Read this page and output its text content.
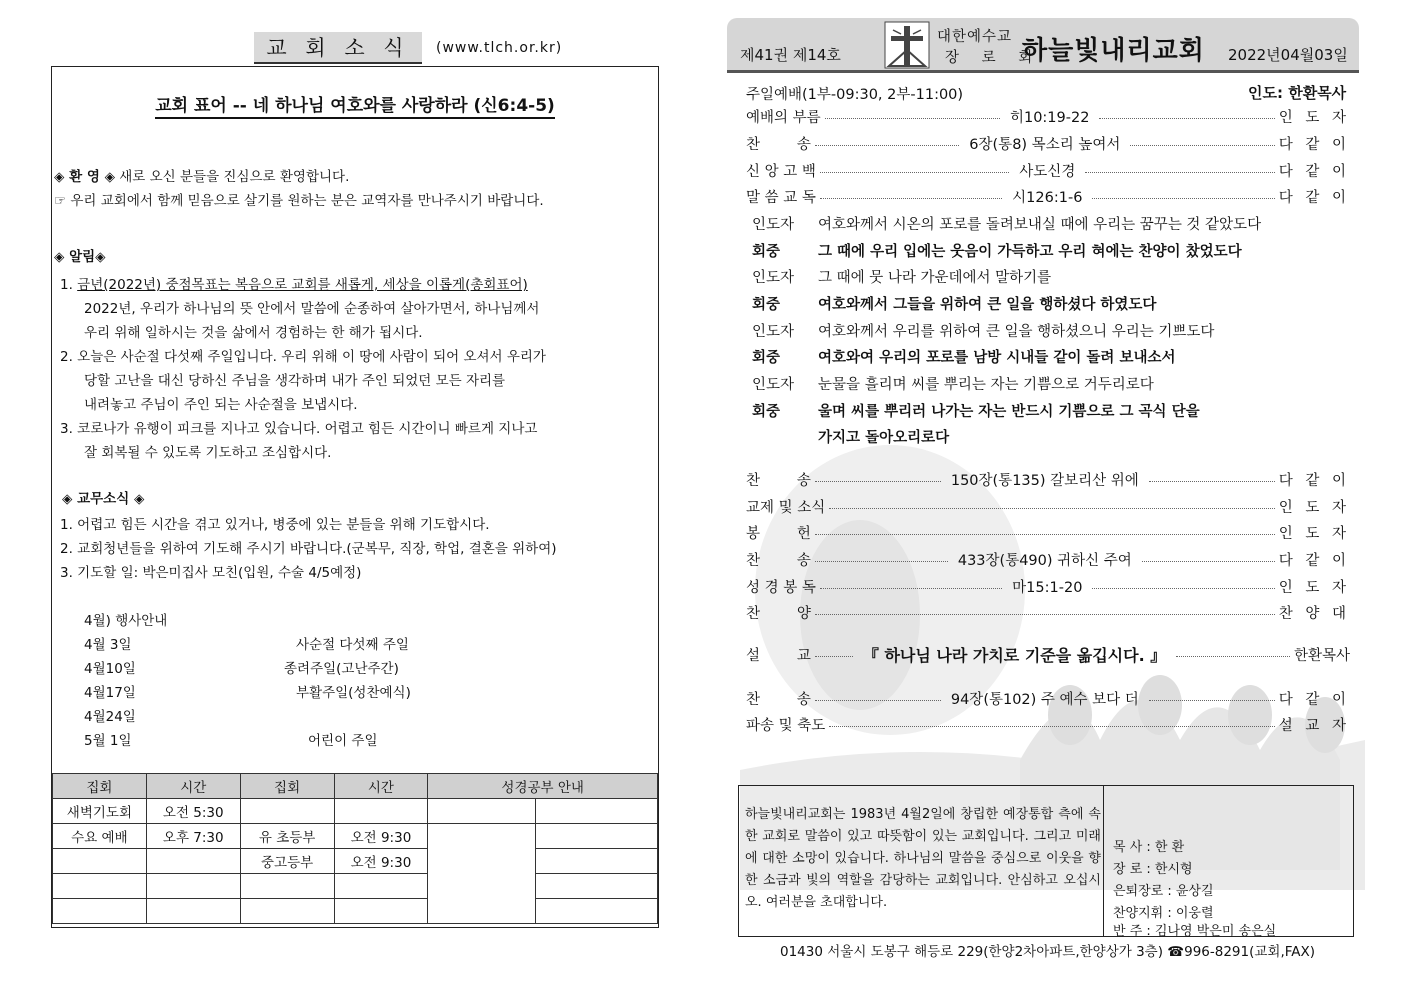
교 회 소 식	(www.tlch.or.kr)
교회 표어 -- 네 하나님 여호와를 사랑하라 (신6:4-5)
◈ 환 영 ◈ 새로 오신 분들을 진심으로 환영합니다.
☞ 우리 교회에서 함께 믿음으로 살기를 원하는 분은 교역자를 만나주시기 바랍니다.
◈ 알림◈
1. 금년(2022년) 중점목표는 복음으로 교회를 새롭게, 세상을 이롭게(총회표어)
2022년, 우리가 하나님의 뜻 안에서 말씀에 순종하여 살아가면서, 하나님께서
우리 위해 일하시는 것을 삶에서 경험하는 한 해가 됩시다.
2. 오늘은 사순절 다섯째 주일입니다. 우리 위해 이 땅에 사람이 되어 오셔서 우리가
당할 고난을 대신 당하신 주님을 생각하며 내가 주인 되었던 모든 자리를
내려놓고 주님이 주인 되는 사순절을 보냅시다.
3. 코로나가 유행이 피크를 지나고 있습니다. 어렵고 힘든 시간이니 빠르게 지나고
잘 회복될 수 있도록 기도하고 조심합시다.
◈ 교무소식 ◈
1. 어렵고 힘든 시간을 겪고 있거나, 병중에 있는 분들을 위해 기도합시다.
2. 교회청년들을 위하여 기도해 주시기 바랍니다.(군복무, 직장, 학업, 결혼을 위하여)
3. 기도할 일: 박은미집사 모친(입원, 수술 4/5예정)
4월) 행사안내
4월 3일	사순절 다섯째 주일
4월10일	종려주일(고난주간)
4월17일	부활주일(성찬예식)
4월24일
5월 1일	어린이 주일
집회	시간	집회	시간	성경공부 안내	
새벽기도회	오전 5:30				
수요 예배	오후 7:30	유 초등부	오전 9:30		
		중고등부	오전 9:30		

제41권 제14호
대한예수교
장 로 회
하늘빛내리교회 2022년04월03일
주일예배(1부-09:30, 2부-11:00)	인도: 한환목사
예배의 부름	히10:19-22	인 도 자
찬        송	6장(통8) 목소리 높여서	다 같 이
신 앙 고 백	사도신경	다 같 이
말 씀 교 독	시126:1-6	다 같 이
인도자 여호와께서 시온의 포로를 돌려보내실 때에 우리는 꿈꾸는 것 같았도다
회중	그 때에 우리 입에는 웃음이 가득하고 우리 혀에는 찬양이 찼었도다
인도자 그 때에 뭇 나라 가운데에서 말하기를
회중	여호와께서 그들을 위하여 큰 일을 행하셨다 하였도다
인도자 여호와께서 우리를 위하여 큰 일을 행하셨으니 우리는 기쁘도다
회중	여호와여 우리의 포로를 남방 시내들 같이 돌려 보내소서
인도자 눈물을 흘리며 씨를 뿌리는 자는 기쁨으로 거두리로다
회중	울며 씨를 뿌리러 나가는 자는 반드시 기쁨으로 그 곡식 단을
가지고 돌아오리로다
찬        송	150장(통135) 갈보리산 위에	다 같 이
교제 및 소식	인 도 자
봉        헌	인 도 자
찬        송	433장(통490) 귀하신 주여	다 같 이
성 경 봉 독	마15:1-20	인 도 자
찬        양	찬 양 대
설        교	『 하나님 나라 가치로 기준을 옮깁시다. 』	한환목사
찬        송	94장(통102) 주 예수 보다 더	다 같 이
파송 및 축도	설 교 자
하늘빛내리교회는 1983년 4월2일에 창립한 예장통합 측에 속한 교회로 말씀이 있고 따뜻함이 있는 교회입니다. 그리고 미래에 대한 소망이 있습니다. 하나님의 말씀을 중심으로 이웃을 향한 소금과 빛의 역할을 감당하는 교회입니다. 안심하고 오십시오. 여러분을 초대합니다.
목 사 : 한 환
장 로 : 한시형
은퇴장로 : 윤상길
찬양지휘 : 이웅렬
반 주 : 김나영 박은미 송은실
01430 서울시 도봉구 해등로 229(한양2차아파트,한양상가 3층) ☎996-8291(교회,FAX)
